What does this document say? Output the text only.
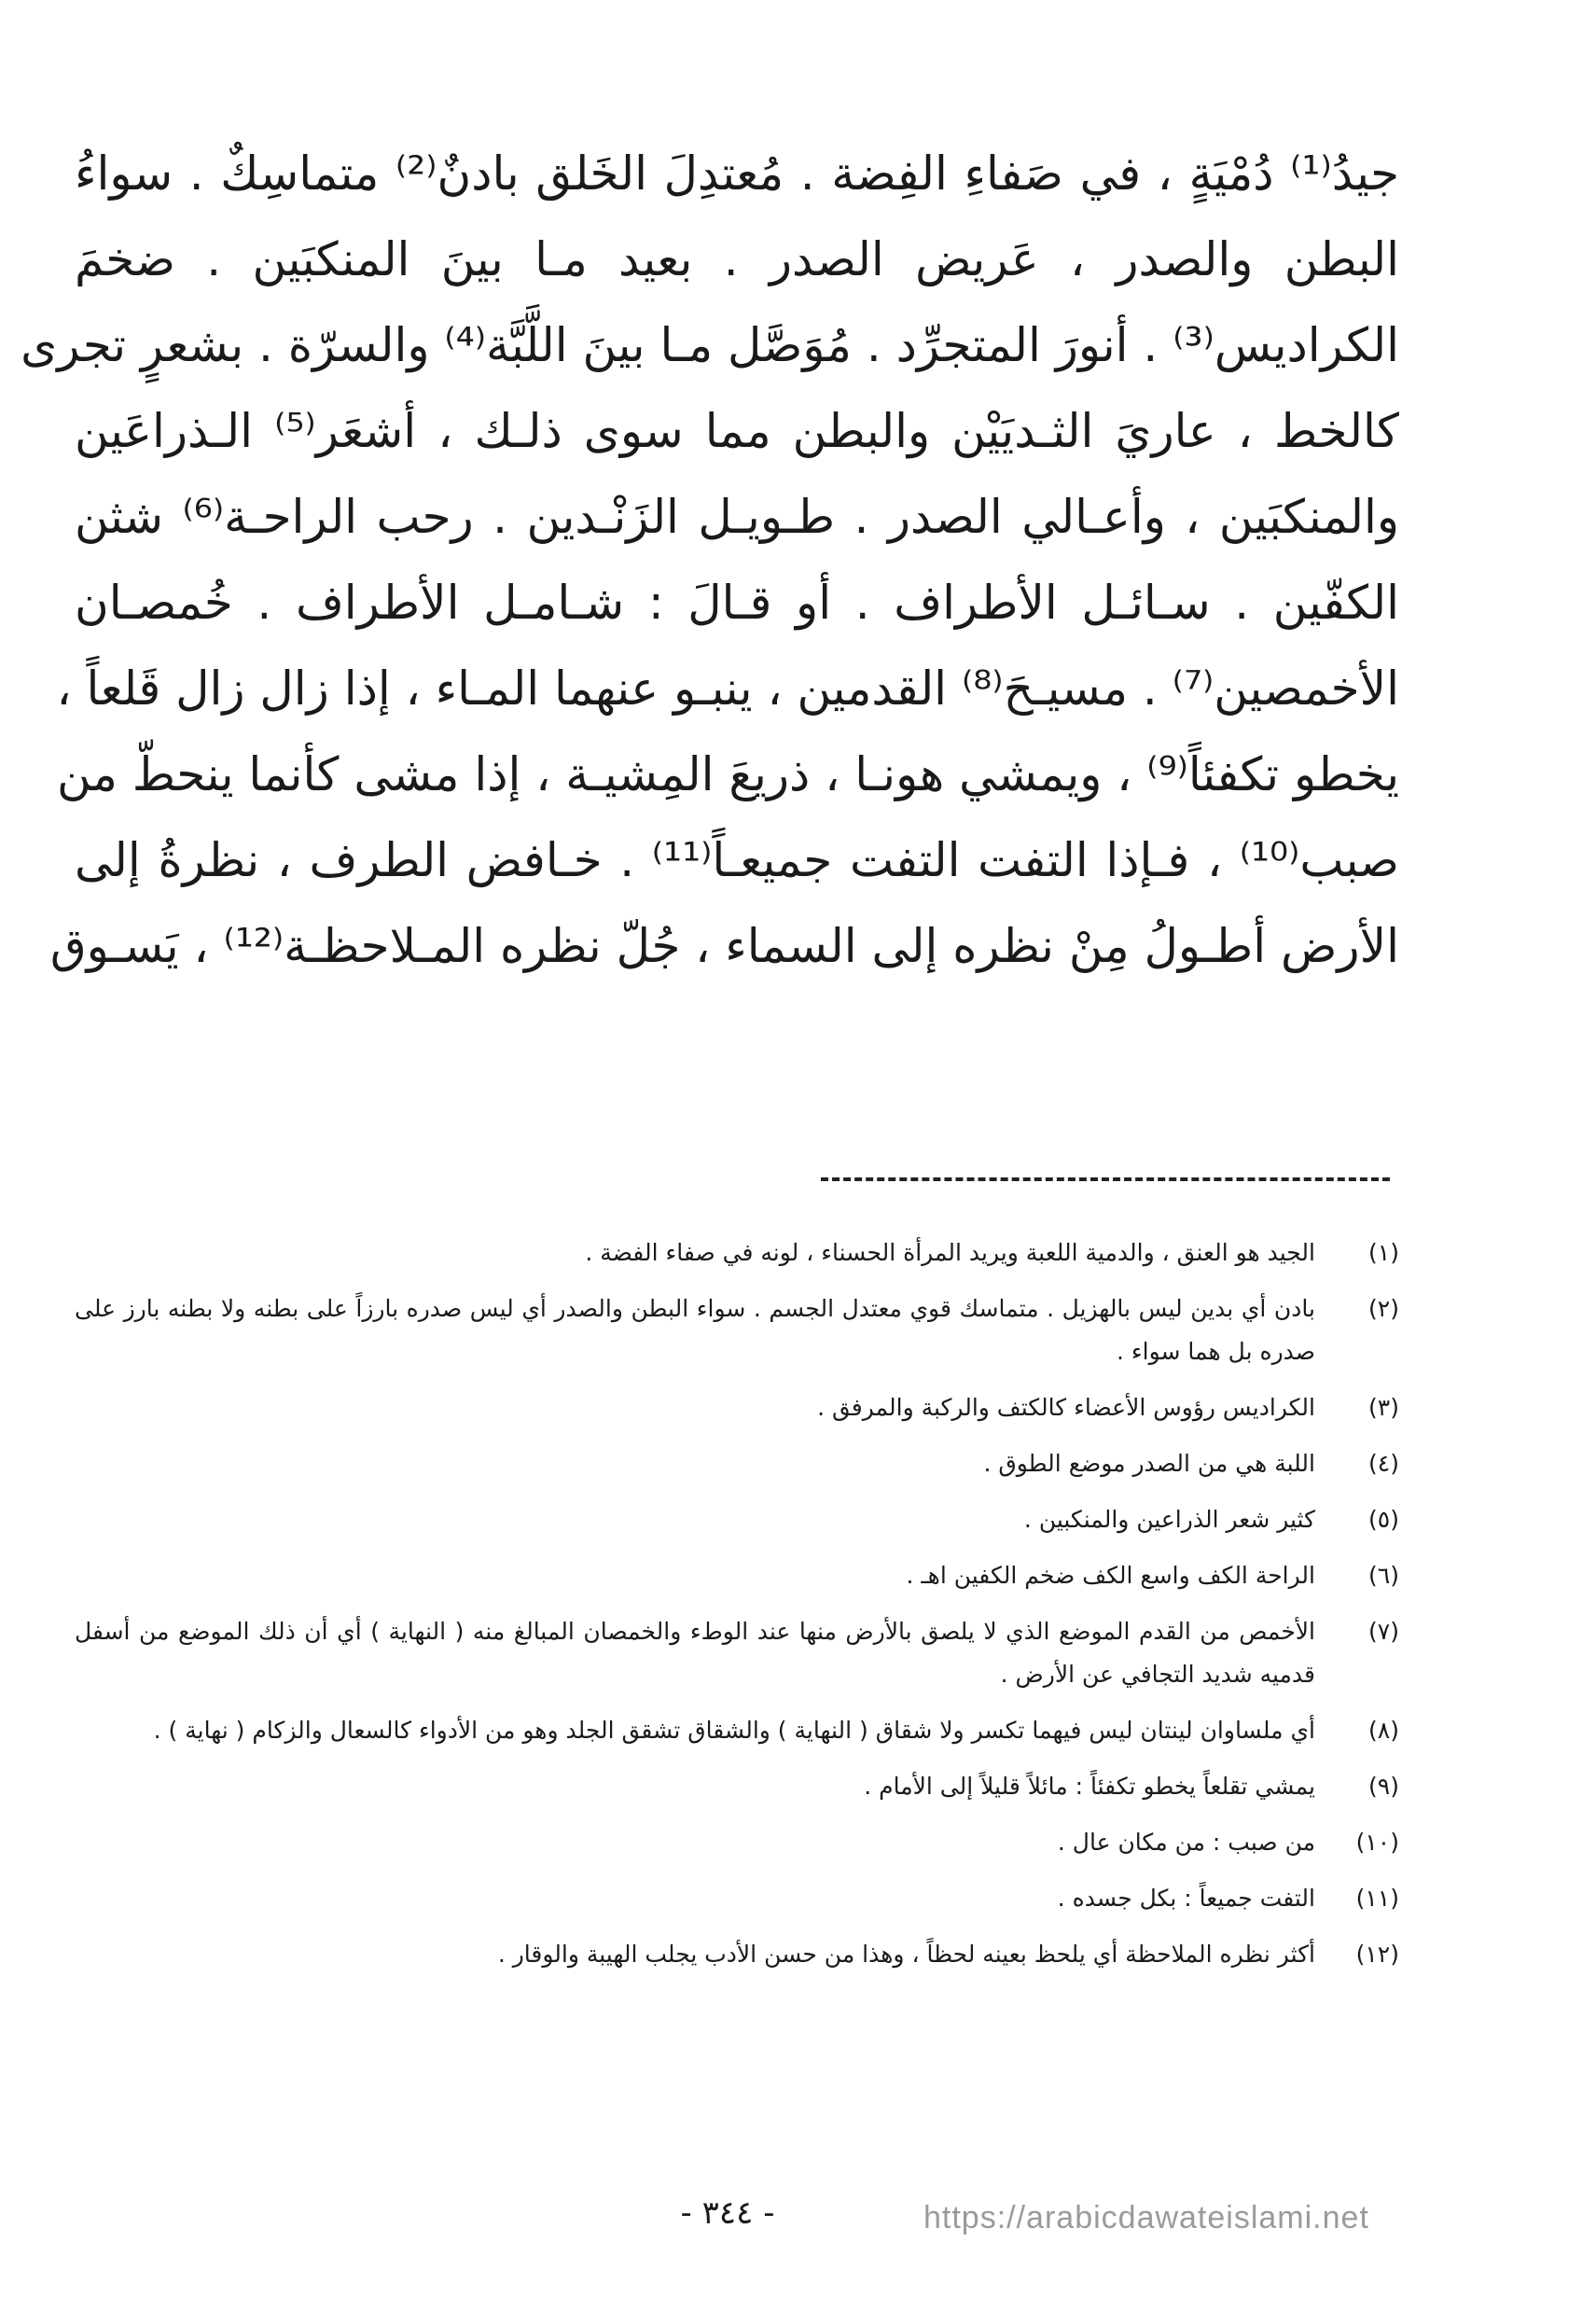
جيدُ⁽¹⁾ دُمْيَةٍ ، في صَفاءِ الفِضة . مُعتدِلَ الخَلق بادنٌ⁽²⁾ متماسِكٌ . سواءُ
البطن والصدر ، عَريض الصدر . بعيد مـا بينَ المنكبَين . ضخمَ
الكراديس⁽³⁾ . أنورَ المتجرِّد . مُوَصَّل مـا بينَ اللَّبَّة⁽⁴⁾ والسرّة . بشعرٍ تجرى
كالخط ، عاريَ الثـديَيْن والبطن مما سوى ذلـك ، أشعَر⁽⁵⁾ الـذراعَين
والمنكبَين ، وأعـالي الصدر . طـويـل الزَنْـدين . رحب الراحـة⁽⁶⁾ شثن
الكفّين . سـائـل الأطراف . أو قـالَ : شـامـل الأطراف . خُمصـان
الأخمصين⁽⁷⁾ . مسيـحَ⁽⁸⁾ القدمين ، ينبـو عنهما المـاء ، إذا زال زال قَلعاً ،
يخطو تكفئاً⁽⁹⁾ ، ويمشي هونـا ، ذريعَ المِشيـة ، إذا مشى كأنما ينحطّ من
صبب⁽¹⁰⁾ ، فـإذا التفت التفت جميعـاً⁽¹¹⁾ . خـافض الطرف ، نظرةُ إلى
الأرض أطـولُ مِنْ نظره إلى السماء ، جُلّ نظره المـلاحظـة⁽¹²⁾ ، يَسـوق
(١)
الجيد هو العنق ، والدمية اللعبة ويريد المرأة الحسناء ، لونه في صفاء الفضة .
(٢)
بادن أي بدين ليس بالهزيل . متماسك قوي معتدل الجسم . سواء البطن والصدر أي ليس صدره بارزاً على بطنه ولا بطنه بارز على صدره بل هما سواء .
(٣)
الكراديس رؤوس الأعضاء كالكتف والركبة والمرفق .
(٤)
اللبة هي من الصدر موضع الطوق .
(٥)
كثير شعر الذراعين والمنكبين .
(٦)
الراحة الكف واسع الكف ضخم الكفين اهـ .
(٧)
الأخمص من القدم الموضع الذي لا يلصق بالأرض منها عند الوطء والخمصان المبالغ منه ( النهاية ) أي أن ذلك الموضع من أسفل قدميه شديد التجافي عن الأرض .
(٨)
أي ملساوان لينتان ليس فيهما تكسر ولا شقاق ( النهاية ) والشقاق تشقق الجلد وهو من الأدواء كالسعال والزكام ( نهاية ) .
(٩)
يمشي تقلعاً يخطو تكفئاً : مائلاً قليلاً إلى الأمام .
(١٠)
من صبب : من مكان عال .
(١١)
التفت جميعاً : بكل جسده .
(١٢)
أكثر نظره الملاحظة أي يلحظ بعينه لحظاً ، وهذا من حسن الأدب يجلب الهيبة والوقار .
- ٣٤٤ -	https://arabicdawateislami.net
